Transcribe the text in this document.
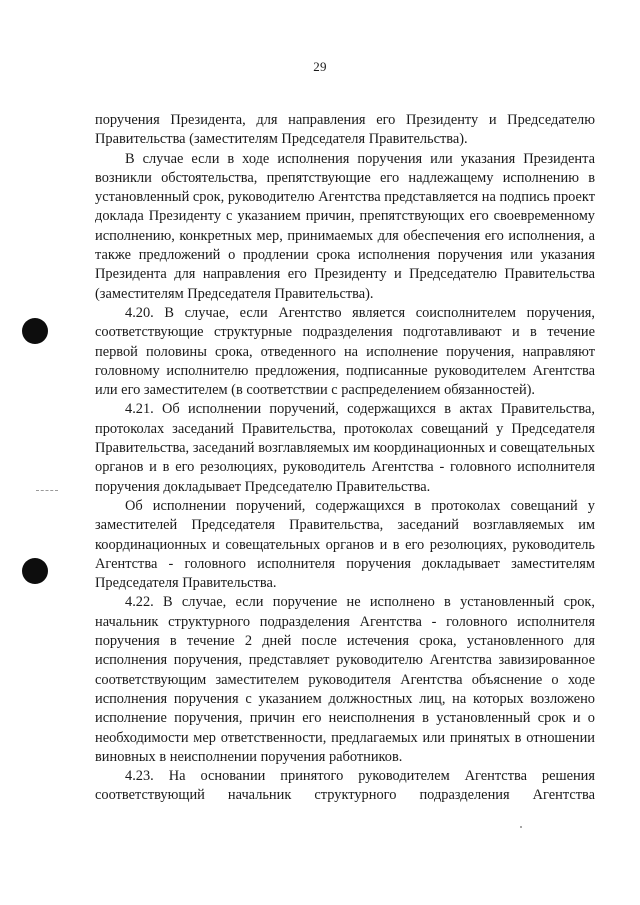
29

поручения Президента, для направления его Президенту и Председателю Правительства (заместителям Председателя Правительства).

В случае если в ходе исполнения поручения или указания Президента возникли обстоятельства, препятствующие его надлежащему исполнению в установленный срок, руководителю Агентства представляется на подпись проект доклада Президенту с указанием причин, препятствующих его своевременному исполнению, конкретных мер, принимаемых для обеспечения его исполнения, а также предложений о продлении срока исполнения поручения или указания Президента для направления его Президенту и Председателю Правительства (заместителям Председателя Правительства).

4.20. В случае, если Агентство является соисполнителем поручения, соответствующие структурные подразделения подготавливают и в течение первой половины срока, отведенного на исполнение поручения, направляют головному исполнителю предложения, подписанные руководителем Агентства или его заместителем (в соответствии с распределением обязанностей).

4.21. Об исполнении поручений, содержащихся в актах Правительства, протоколах заседаний Правительства, протоколах совещаний у Председателя Правительства, заседаний возглавляемых им координационных и совещательных органов и в его резолюциях, руководитель Агентства - головного исполнителя поручения докладывает Председателю Правительства.

Об исполнении поручений, содержащихся в протоколах совещаний у заместителей Председателя Правительства, заседаний возглавляемых им координационных и совещательных органов и в его резолюциях, руководитель Агентства - головного исполнителя поручения докладывает заместителям Председателя Правительства.

4.22. В случае, если поручение не исполнено в установленный срок, начальник структурного подразделения Агентства - головного исполнителя поручения в течение 2 дней после истечения срока, установленного для исполнения поручения, представляет руководителю Агентства завизированное соответствующим заместителем руководителя Агентства объяснение о ходе исполнения поручения с указанием должностных лиц, на которых возложено исполнение поручения, причин его неисполнения в установленный срок и о необходимости мер ответственности, предлагаемых или принятых в отношении виновных в неисполнении поручения работников.

4.23. На основании принятого руководителем Агентства решения соответствующий начальник структурного подразделения Агентства
